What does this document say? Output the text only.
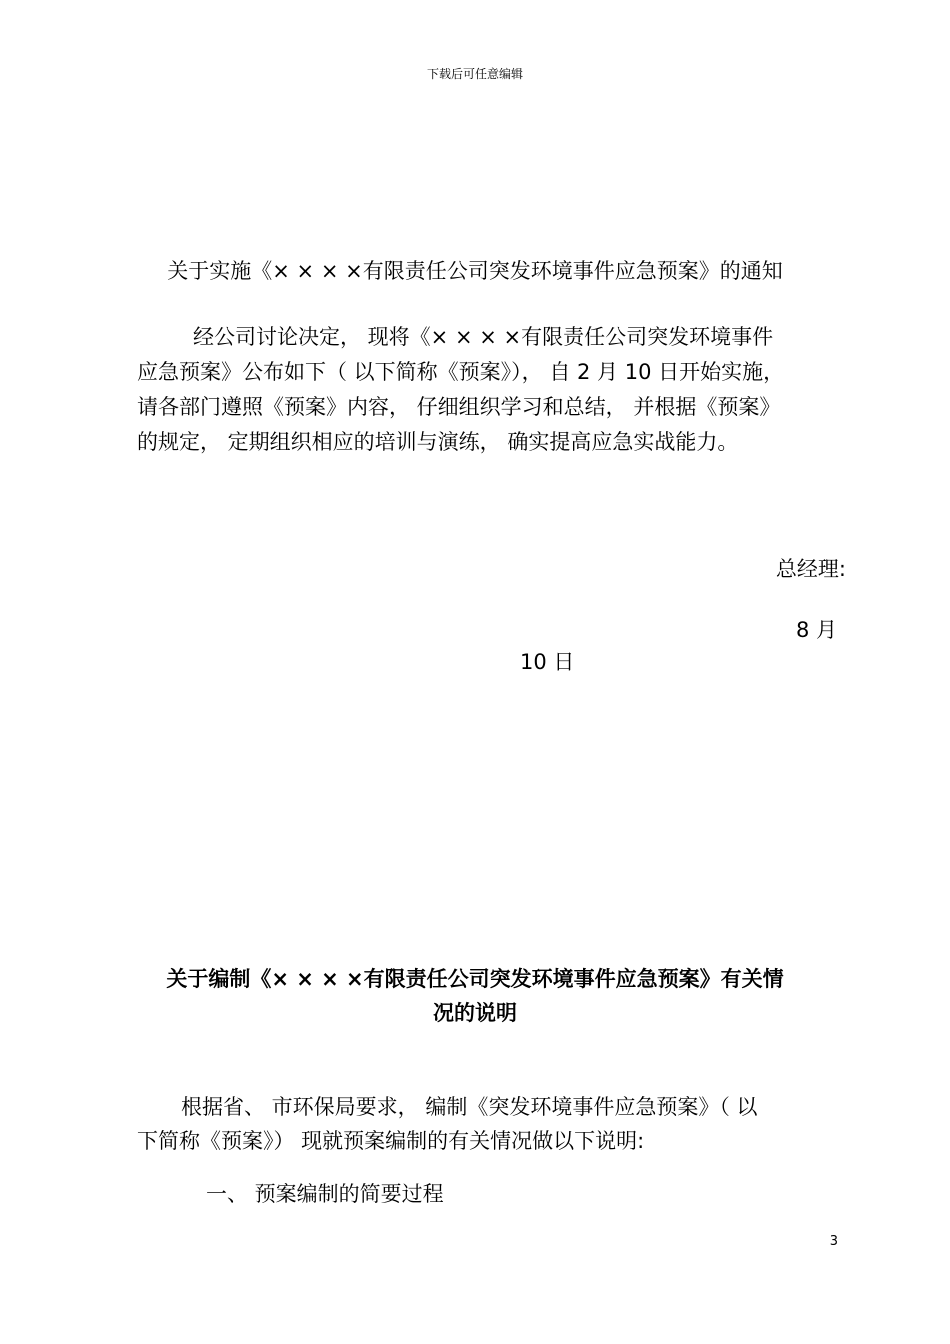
下载后可任意编辑
关于实施《× × × ×有限责任公司突发环境事件应急预案》的通知
经公司讨论决定， 现将《× × × ×有限责任公司突发环境事件
应急预案》公布如下（ 以下简称《预案》）， 自 2 月 10 日开始实施，
请各部门遵照《预案》内容， 仔细组织学习和总结， 并根据《预案》
的规定， 定期组织相应的培训与演练， 确实提高应急实战能力。
总经理:
8 月
10 日
关于编制《× × × ×有限责任公司突发环境事件应急预案》有关情
况的说明
根据省、 市环保局要求， 编制《突发环境事件应急预案》（ 以
下简称《预案》） 现就预案编制的有关情况做以下说明:
一、 预案编制的简要过程
3
